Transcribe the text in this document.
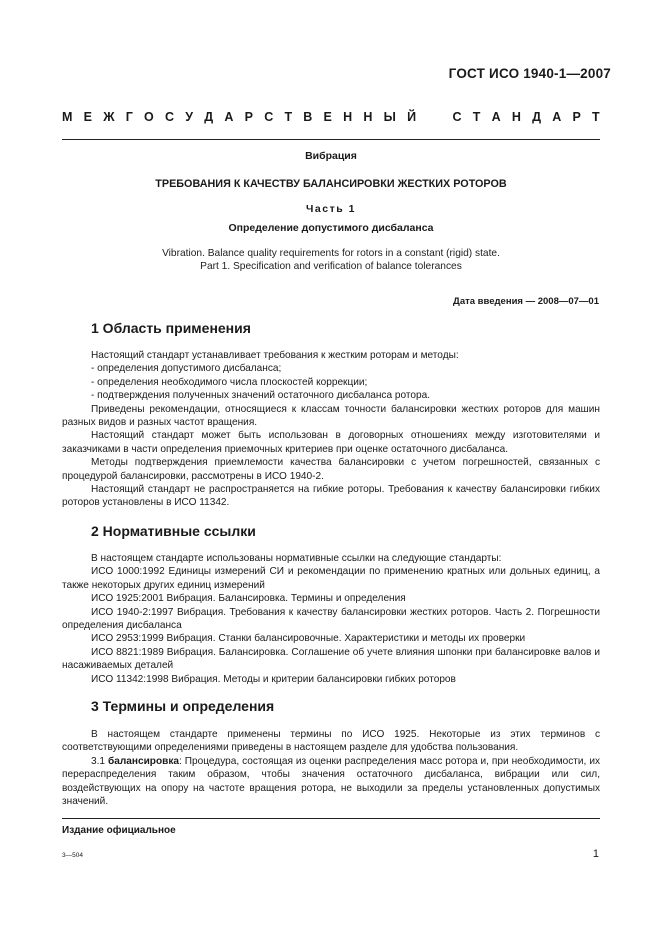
ГОСТ ИСО 1940-1—2007
М Е Ж Г О С У Д А Р С Т В Е Н Н Ы Й	С Т А Н Д А Р Т
Вибрация
ТРЕБОВАНИЯ К КАЧЕСТВУ БАЛАНСИРОВКИ ЖЕСТКИХ РОТОРОВ
Часть 1
Определение допустимого дисбаланса
Vibration. Balance quality requirements for rotors in a constant (rigid) state.
Part 1. Specification and verification of balance tolerances
Дата введения — 2008—07—01
1 Область применения

Настоящий стандарт устанавливает требования к жестким роторам и методы:

- определения допустимого дисбаланса;

- определения необходимого числа плоскостей коррекции;

- подтверждения полученных значений остаточного дисбаланса ротора.

Приведены рекомендации, относящиеся к классам точности балансировки жестких роторов для машин разных видов и разных частот вращения.

Настоящий стандарт может быть использован в договорных отношениях между изготовителями и заказчиками в части определения приемочных критериев при оценке остаточного дисбаланса.

Методы подтверждения приемлемости качества балансировки с учетом погрешностей, связанных с процедурой балансировки, рассмотрены в ИСО 1940-2.

Настоящий стандарт не распространяется на гибкие роторы. Требования к качеству балансировки гибких роторов установлены в ИСО 11342.

2 Нормативные ссылки

В настоящем стандарте использованы нормативные ссылки на следующие стандарты:

ИСО 1000:1992 Единицы измерений СИ и рекомендации по применению кратных или дольных единиц, а также некоторых других единиц измерений

ИСО 1925:2001 Вибрация. Балансировка. Термины и определения

ИСО 1940-2:1997 Вибрация. Требования к качеству балансировки жестких роторов. Часть 2. Погрешности определения дисбаланса

ИСО 2953:1999 Вибрация. Станки балансировочные. Характеристики и методы их проверки

ИСО 8821:1989 Вибрация. Балансировка. Соглашение об учете влияния шпонки при балансировке валов и насаживаемых деталей

ИСО 11342:1998 Вибрация. Методы и критерии балансировки гибких роторов

3 Термины и определения

В настоящем стандарте применены термины по ИСО 1925. Некоторые из этих терминов с соответствующими определениями приведены в настоящем разделе для удобства пользования.

3.1 балансировка: Процедура, состоящая из оценки распределения масс ротора и, при необходимости, их перераспределения таким образом, чтобы значения остаточного дисбаланса, вибрации или сил, воздействующих на опору на частоте вращения ротора, не выходили за пределы установленных допустимых значений.

Издание официальное
3—504	1
